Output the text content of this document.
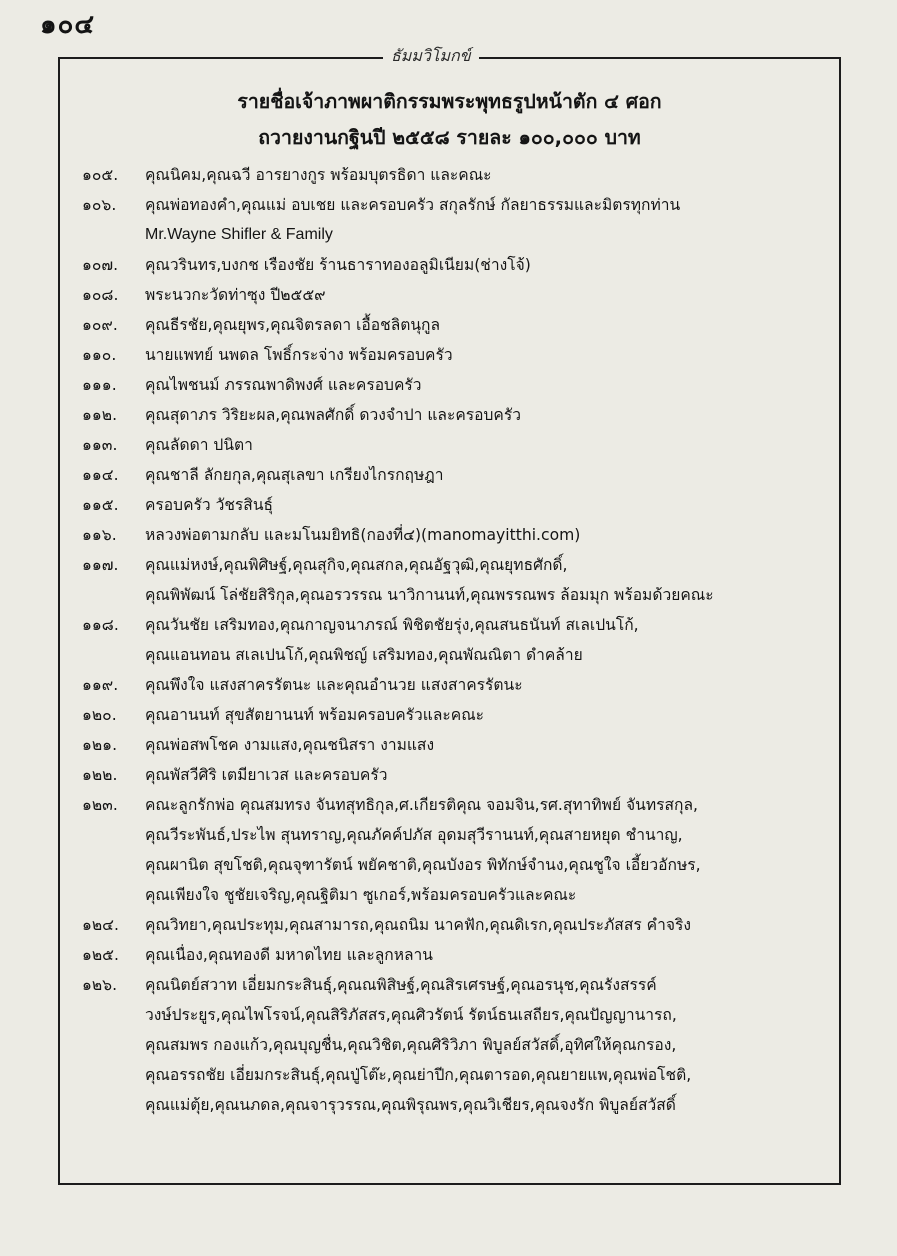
๑๐๔
ธัมมวิโมกข์
รายชื่อเจ้าภาพผาติกรรมพระพุทธรูปหน้าตัก ๔ ศอก
ถวายงานกฐินปี ๒๕๕๘ รายละ ๑๐๐,๐๐๐ บาท
๑๐๕.	คุณนิคม,คุณฉวี อารยางกูร พร้อมบุตรธิดา และคณะ
๑๐๖.	คุณพ่อทองคำ,คุณแม่ อบเชย และครอบครัว สกุลรักษ์ กัลยาธรรมและมิตรทุกท่าน
Mr.Wayne Shifler & Family
๑๐๗.	คุณวรินทร,บงกช เรืองชัย ร้านธาราทองอลูมิเนียม(ช่างโจ้)
๑๐๘.	พระนวกะวัดท่าซุง ปี๒๕๕๙
๑๐๙.	คุณธีรชัย,คุณยุพร,คุณจิตรลดา เอื้อชลิตนุกูล
๑๑๐.	นายแพทย์ นพดล โพธิ์กระจ่าง พร้อมครอบครัว
๑๑๑.	คุณไพชนม์ ภรรณพาดิพงศ์ และครอบครัว
๑๑๒.	คุณสุดาภร วิริยะผล,คุณพลศักดิ์ ดวงจำปา และครอบครัว
๑๑๓.	คุณลัดดา ปนิตา
๑๑๔.	คุณชาลี ลักยกุล,คุณสุเลขา เกรียงไกรกฤษฎา
๑๑๕.	ครอบครัว วัชรสินธุ์
๑๑๖.	หลวงพ่อตามกลับ และมโนมยิทธิ(กองที่๔)(manomayitthi.com)
๑๑๗.	คุณแม่หงษ์,คุณพิศิษฐ์,คุณสุกิจ,คุณสกล,คุณอัฐวุฒิ,คุณยุทธศักดิ์,
คุณพิพัฒน์ โล่ชัยสิริกุล,คุณอรวรรณ นาวิกานนท์,คุณพรรณพร ล้อมมุก พร้อมด้วยคณะ
๑๑๘.	คุณวันชัย เสริมทอง,คุณกาญจนาภรณ์ พิชิตชัยรุ่ง,คุณสนธนันท์ สเลเปนโก้,
คุณแอนทอน สเลเปนโก้,คุณพิชญ์ เสริมทอง,คุณพัณณิตา ดำคล้าย
๑๑๙.	คุณพึงใจ แสงสาครรัตนะ และคุณอำนวย แสงสาครรัตนะ
๑๒๐.	คุณอานนท์ สุขสัตยานนท์ พร้อมครอบครัวและคณะ
๑๒๑.	คุณพ่อสพโชค งามแสง,คุณชนิสรา งามแสง
๑๒๒.	คุณพัสวีศิริ เตมียาเวส และครอบครัว
๑๒๓.	คณะลูกรักพ่อ คุณสมทรง จันทสุทธิกุล,ศ.เกียรติคุณ จอมจิน,รศ.สุทาทิพย์ จันทรสกุล,
คุณวีระพันธ์,ประไพ สุนทราญ,คุณภัคค์ปภัส อุดมสุวีรานนท์,คุณสายหยุด ชำนาญ,
คุณผานิต สุขโชติ,คุณจุฑารัตน์ พยัคชาติ,คุณบังอร พิทักษ์จำนง,คุณชูใจ เอี้ยวอักษร,
คุณเพียงใจ ชูชัยเจริญ,คุณฐิติมา ซูเกอร์,พร้อมครอบครัวและคณะ
๑๒๔.	คุณวิทยา,คุณประทุม,คุณสามารถ,คุณถนิม นาคฟัก,คุณดิเรก,คุณประภัสสร คำจริง
๑๒๕.	คุณเนื่อง,คุณทองดี มหาดไทย และลูกหลาน
๑๒๖.	คุณนิตย์สวาท เอี่ยมกระสินธุ์,คุณณพิสิษฐ์,คุณสิรเศรษฐ์,คุณอรนุช,คุณรังสรรค์
วงษ์ประยูร,คุณไพโรจน์,คุณสิริภัสสร,คุณศิวรัตน์ รัตน์ธนเสถียร,คุณปัญญานารถ,
คุณสมพร กองแก้ว,คุณบุญชื่น,คุณวิชิต,คุณศิริวิภา พิบูลย์สวัสดิ์,อุทิศให้คุณกรอง,
คุณอรรถชัย เอี่ยมกระสินธุ์,คุณปู่โต๊ะ,คุณย่าปีก,คุณตารอด,คุณยายแพ,คุณพ่อโชติ,
คุณแม่ตุ้ย,คุณนภดล,คุณจารุวรรณ,คุณพิรุณพร,คุณวิเชียร,คุณจงรัก พิบูลย์สวัสดิ์
